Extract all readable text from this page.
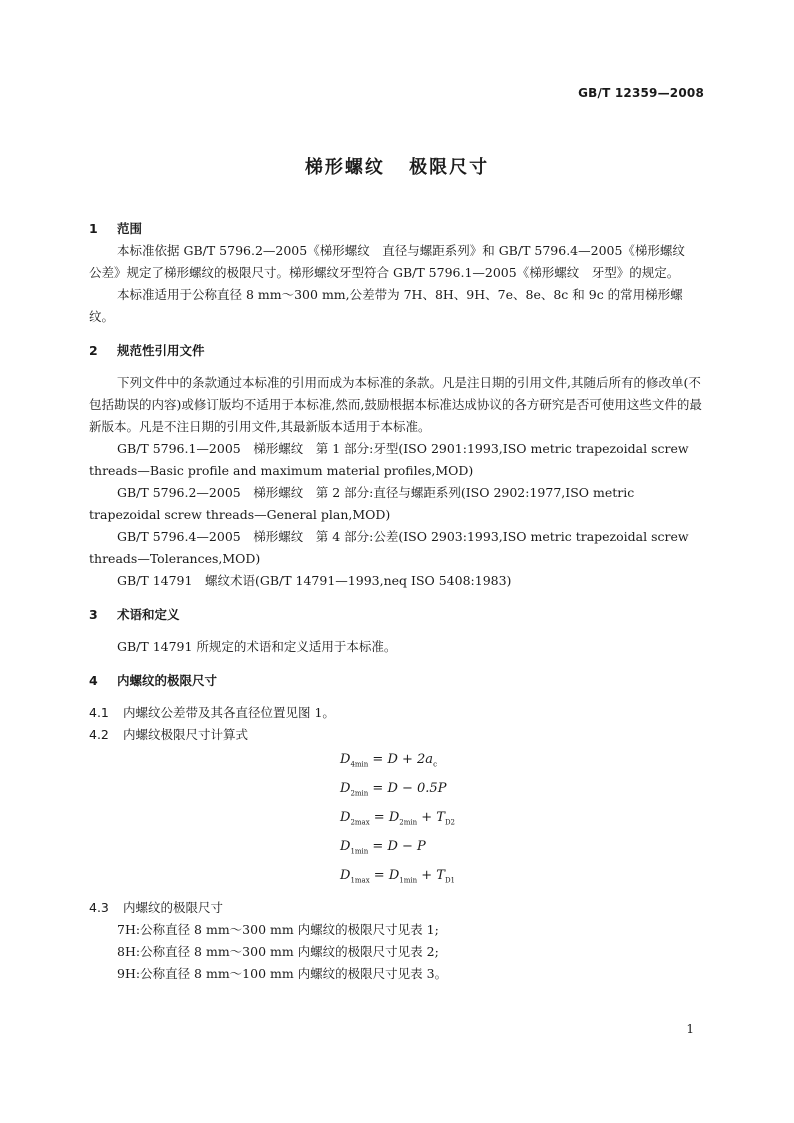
GB/T 12359—2008
梯形螺纹 极限尺寸
1 范围

本标准依据 GB/T 5796.2—2005《梯形螺纹　直径与螺距系列》和 GB/T 5796.4—2005《梯形螺纹　公差》规定了梯形螺纹的极限尺寸。梯形螺纹牙型符合 GB/T 5796.1—2005《梯形螺纹　牙型》的规定。

本标准适用于公称直径 8 mm～300 mm,公差带为 7H、8H、9H、7e、8e、8c 和 9c 的常用梯形螺纹。

2 规范性引用文件

下列文件中的条款通过本标准的引用而成为本标准的条款。凡是注日期的引用文件,其随后所有的修改单(不包括勘误的内容)或修订版均不适用于本标准,然而,鼓励根据本标准达成协议的各方研究是否可使用这些文件的最新版本。凡是不注日期的引用文件,其最新版本适用于本标准。

GB/T 5796.1—2005　梯形螺纹　第 1 部分:牙型(ISO 2901:1993,ISO metric trapezoidal screw threads—Basic profile and maximum material profiles,MOD)

GB/T 5796.2—2005　梯形螺纹　第 2 部分:直径与螺距系列(ISO 2902:1977,ISO metric trapezoidal screw threads—General plan,MOD)

GB/T 5796.4—2005　梯形螺纹　第 4 部分:公差(ISO 2903:1993,ISO metric trapezoidal screw threads—Tolerances,MOD)

GB/T 14791　螺纹术语(GB/T 14791—1993,neq ISO 5408:1983)

3 术语和定义

GB/T 14791 所规定的术语和定义适用于本标准。

4 内螺纹的极限尺寸

4.1 内螺纹公差带及其各直径位置见图 1。

4.2 内螺纹极限尺寸计算式

$D_{4min} = D + 2a_c$
$D_{2min} = D - 0.5P$
$D_{2max} = D_{2min} + T_{D2}$
$D_{1min} = D - P$
$D_{1max} = D_{1min} + T_{D1}$

4.3 内螺纹的极限尺寸

7H:公称直径 8 mm～300 mm 内螺纹的极限尺寸见表 1;

8H:公称直径 8 mm～300 mm 内螺纹的极限尺寸见表 2;

9H:公称直径 8 mm～100 mm 内螺纹的极限尺寸见表 3。

1
